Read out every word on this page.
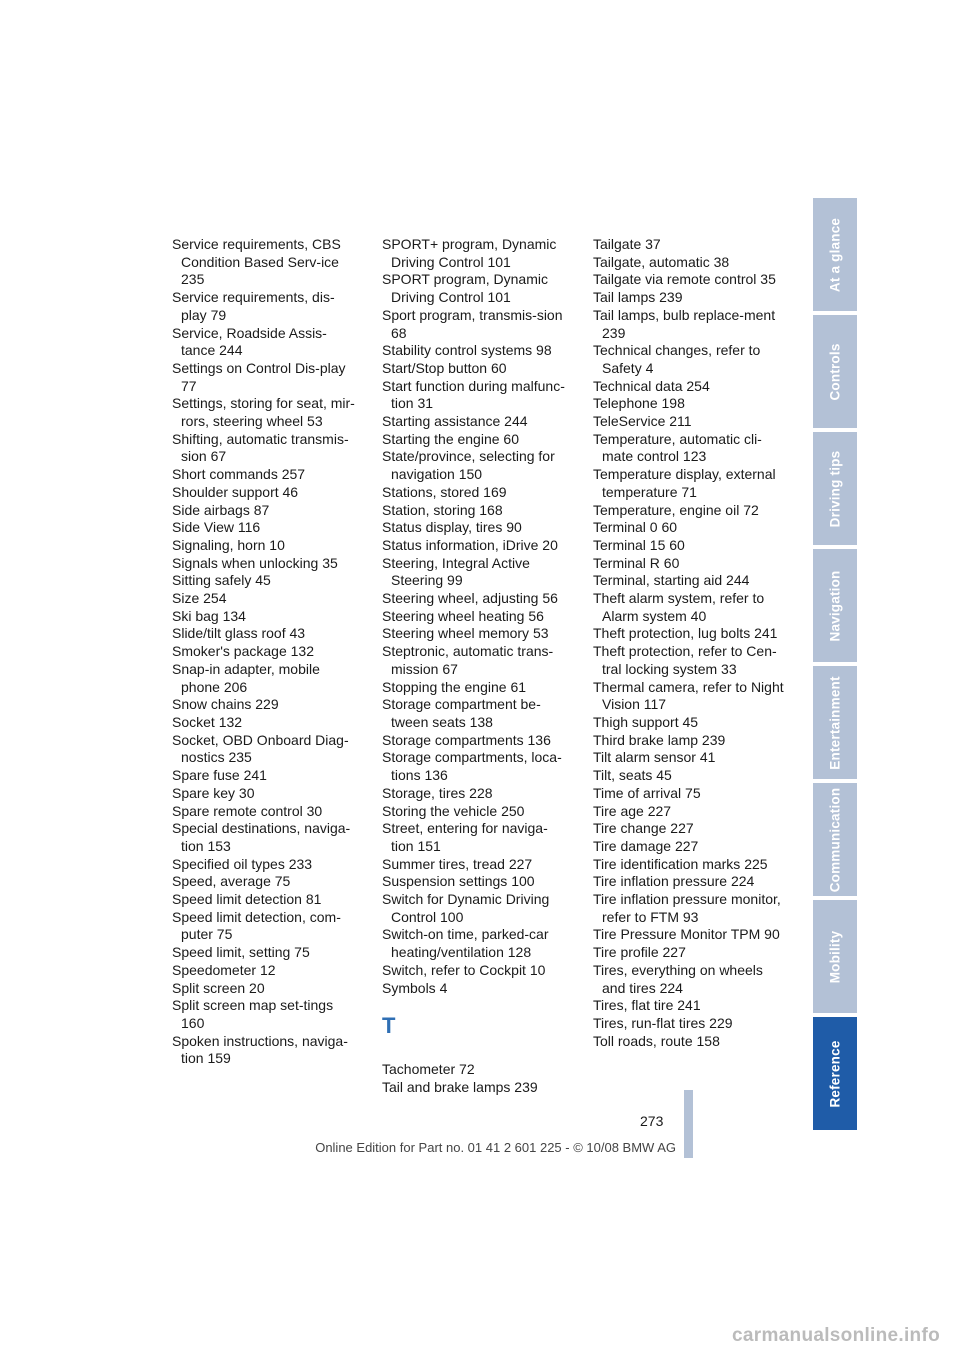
Service requirements, CBS Condition Based Serv-ice 235
Service requirements, dis-play 79
Service, Roadside Assis-tance 244
Settings on Control Dis-play 77
Settings, storing for seat, mir-rors, steering wheel 53
Shifting, automatic transmis-sion 67
Short commands 257
Shoulder support 46
Side airbags 87
Side View 116
Signaling, horn 10
Signals when unlocking 35
Sitting safely 45
Size 254
Ski bag 134
Slide/tilt glass roof 43
Smoker's package 132
Snap-in adapter, mobile phone 206
Snow chains 229
Socket 132
Socket, OBD Onboard Diag-nostics 235
Spare fuse 241
Spare key 30
Spare remote control 30
Special destinations, naviga-tion 153
Specified oil types 233
Speed, average 75
Speed limit detection 81
Speed limit detection, com-puter 75
Speed limit, setting 75
Speedometer 12
Split screen 20
Split screen map set-tings 160
Spoken instructions, naviga-tion 159
SPORT+ program, Dynamic Driving Control 101
SPORT program, Dynamic Driving Control 101
Sport program, transmis-sion 68
Stability control systems 98
Start/Stop button 60
Start function during malfunc-tion 31
Starting assistance 244
Starting the engine 60
State/province, selecting for navigation 150
Stations, stored 169
Station, storing 168
Status display, tires 90
Status information, iDrive 20
Steering, Integral Active Steering 99
Steering wheel, adjusting 56
Steering wheel heating 56
Steering wheel memory 53
Steptronic, automatic trans-mission 67
Stopping the engine 61
Storage compartment be-tween seats 138
Storage compartments 136
Storage compartments, loca-tions 136
Storage, tires 228
Storing the vehicle 250
Street, entering for naviga-tion 151
Summer tires, tread 227
Suspension settings 100
Switch for Dynamic Driving Control 100
Switch-on time, parked-car heating/ventilation 128
Switch, refer to Cockpit 10
Symbols 4
T
Tachometer 72
Tail and brake lamps 239
Tailgate 37
Tailgate, automatic 38
Tailgate via remote control 35
Tail lamps 239
Tail lamps, bulb replace-ment 239
Technical changes, refer to Safety 4
Technical data 254
Telephone 198
TeleService 211
Temperature, automatic cli-mate control 123
Temperature display, external temperature 71
Temperature, engine oil 72
Terminal 0 60
Terminal 15 60
Terminal R 60
Terminal, starting aid 244
Theft alarm system, refer to Alarm system 40
Theft protection, lug bolts 241
Theft protection, refer to Cen-tral locking system 33
Thermal camera, refer to Night Vision 117
Thigh support 45
Third brake lamp 239
Tilt alarm sensor 41
Tilt, seats 45
Time of arrival 75
Tire age 227
Tire change 227
Tire damage 227
Tire identification marks 225
Tire inflation pressure 224
Tire inflation pressure monitor, refer to FTM 93
Tire Pressure Monitor TPM 90
Tire profile 227
Tires, everything on wheels and tires 224
Tires, flat tire 241
Tires, run-flat tires 229
Toll roads, route 158
At a glance
Controls
Driving tips
Navigation
Entertainment
Communication
Mobility
Reference
273
Online Edition for Part no. 01 41 2 601 225 - © 10/08 BMW AG
carmanualsonline.info
